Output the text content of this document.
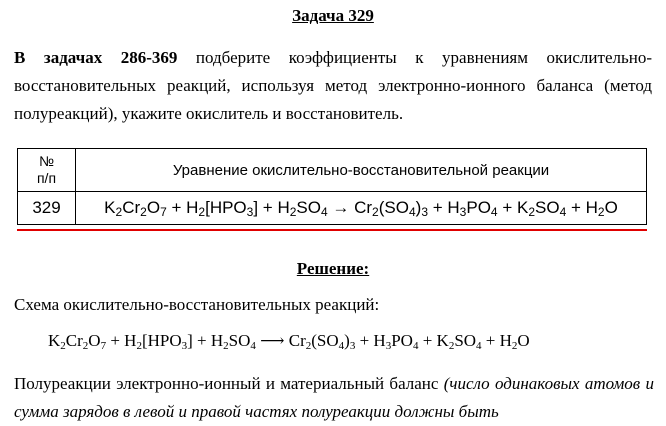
Задача 329
В задачах 286-369 подберите коэффициенты к уравнениям окислительно-восстановительных реакций, используя метод электронно-ионного баланса (метод полуреакций), укажите окислитель и восстановитель.
№
п/п	Уравнение окислительно-восстановительной реакции
329	$K_2Cr_2O_7 + H_2[HPO_3] + H_2SO_4 \to Cr_2(SO_4)_3 + H_3PO_4 + K_2SO_4 + H_2O$
Решение:
Схема окислительно-восстановительных реакций:
$K_2Cr_2O_7 + H_2[HPO_3] + H_2SO_4$ ⟶ $Cr_2(SO_4)_3 + H_3PO_4 + K_2SO_4 + H_2O$
Полуреакции электронно-ионный и материальный баланс (число одинаковых атомов и сумма зарядов в левой и правой частях полуреакции должны быть
